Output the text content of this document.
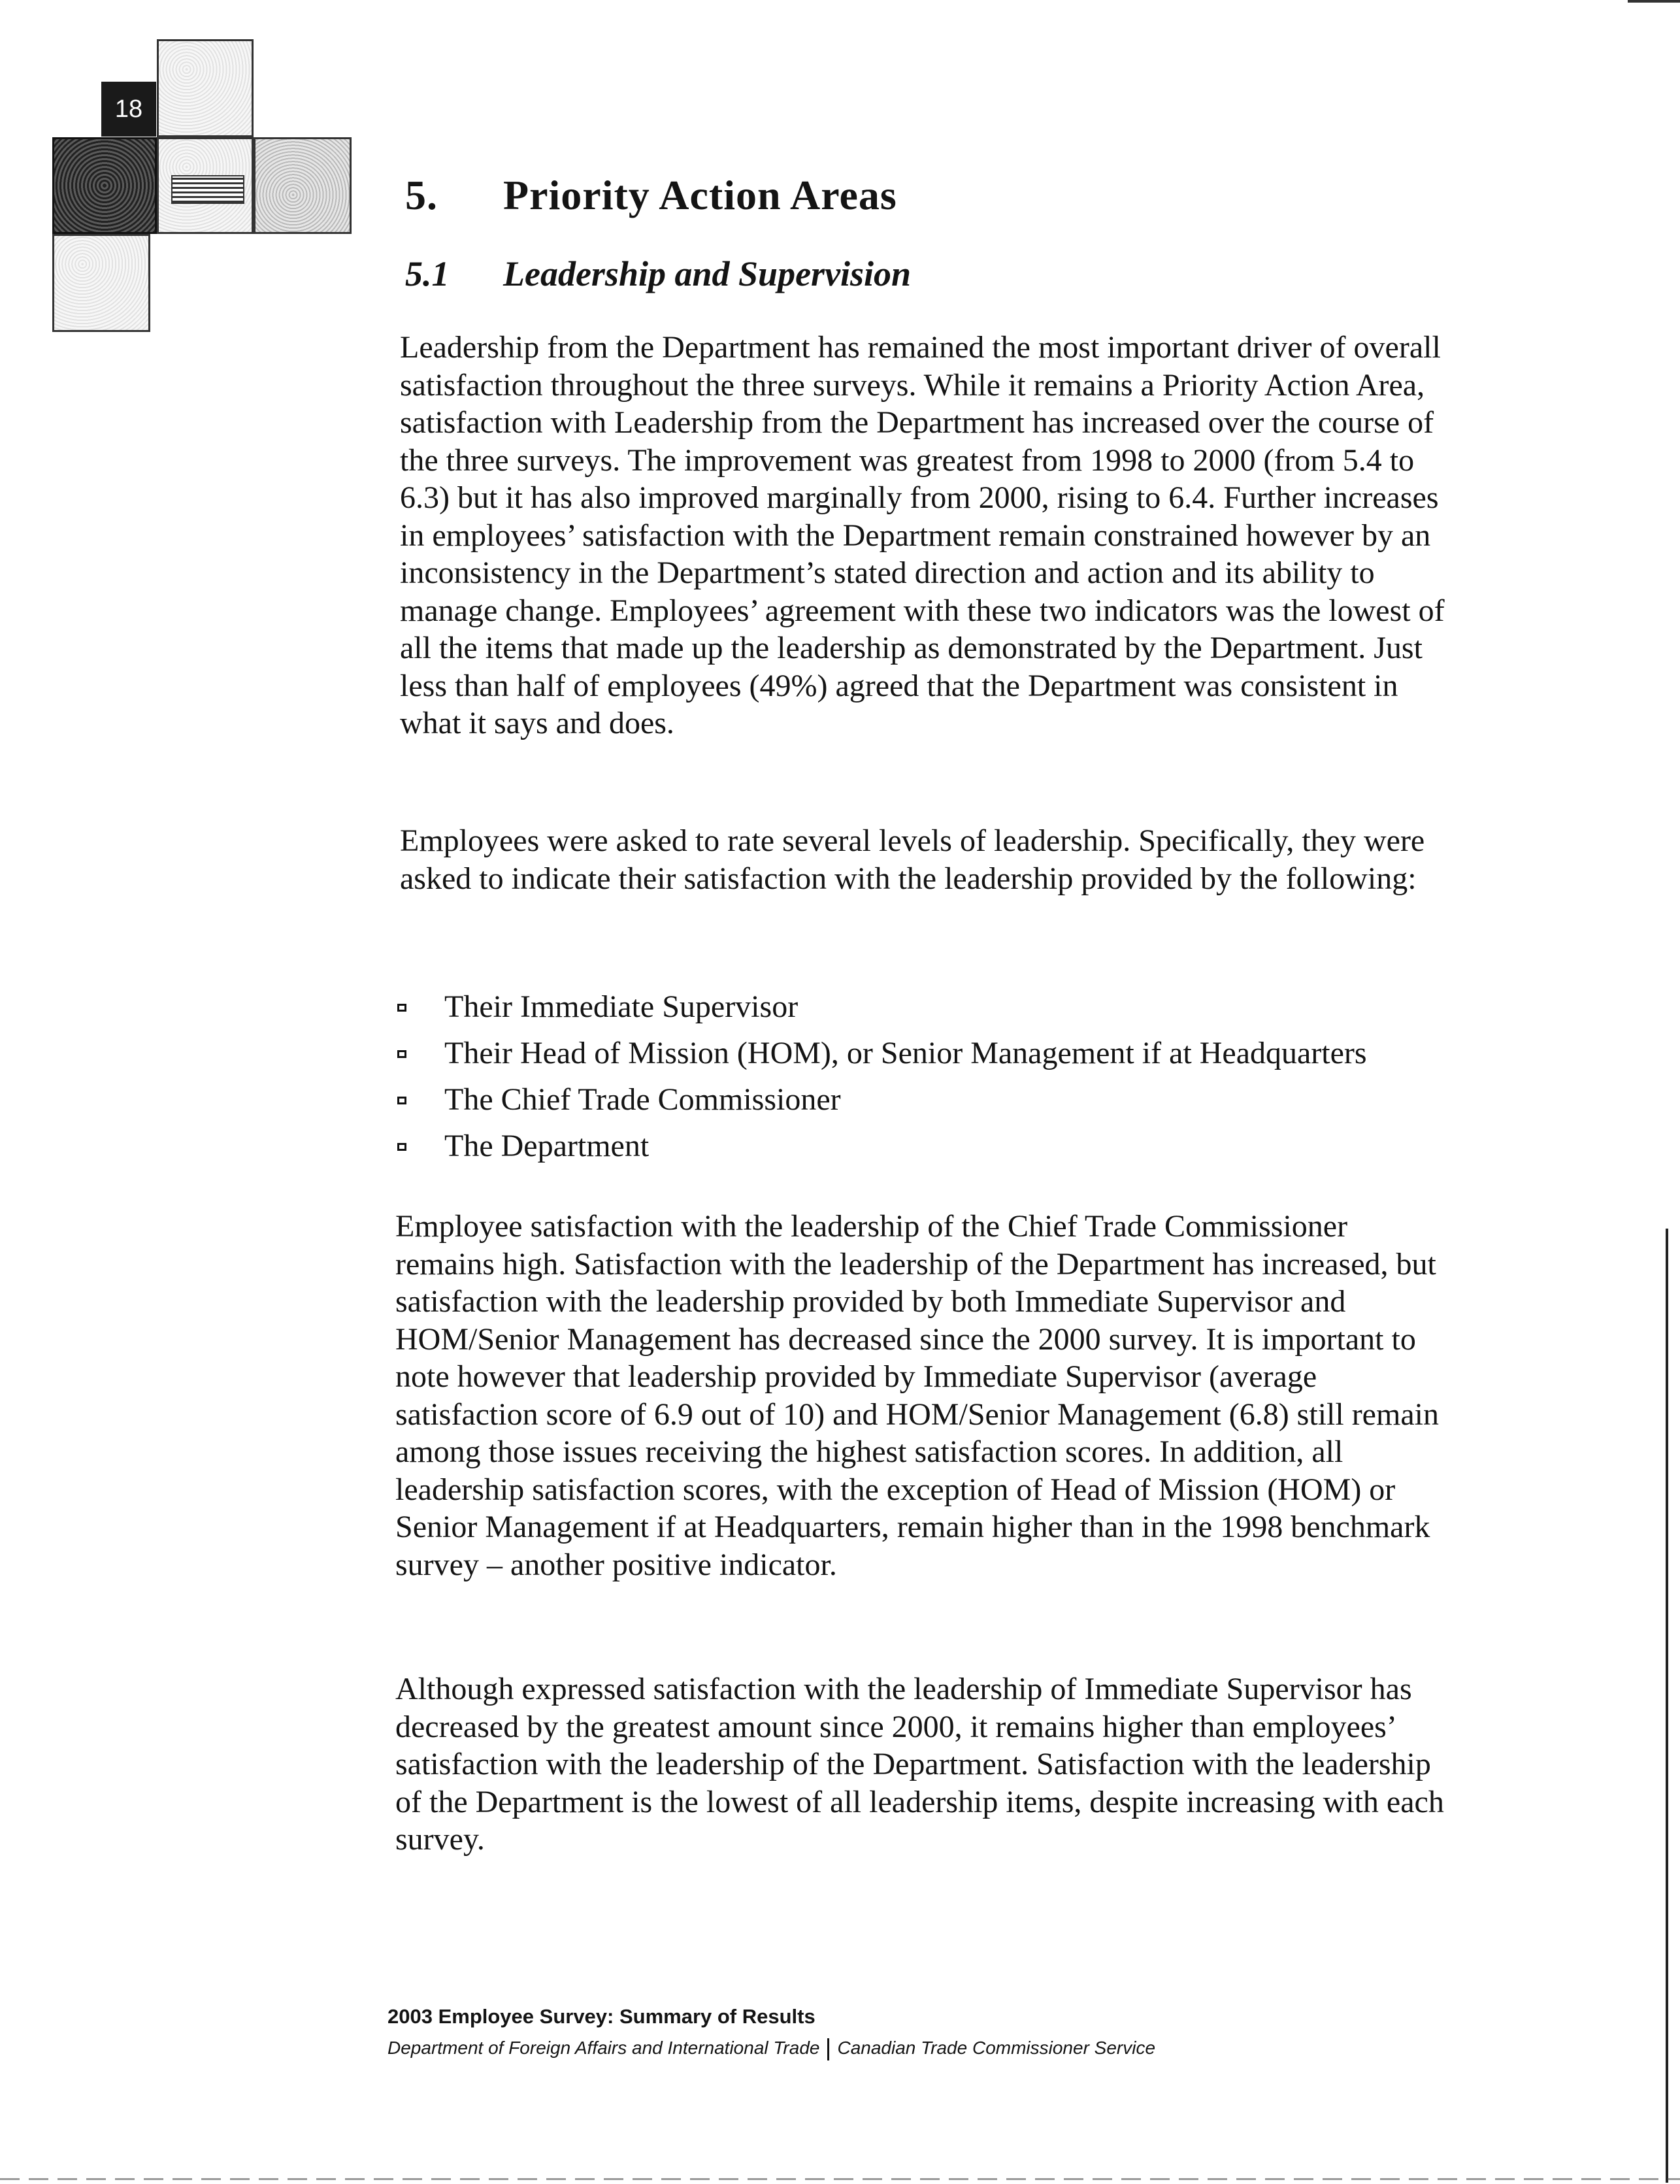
18
5. Priority Action Areas
5.1 Leadership and Supervision

Leadership from the Department has remained the most important driver of overall satisfaction throughout the three surveys. While it remains a Priority Action Area, satisfaction with Leadership from the Department has increased over the course of the three surveys. The improvement was greatest from 1998 to 2000 (from 5.4 to 6.3) but it has also improved marginally from 2000, rising to 6.4. Further increases in employees’ satisfaction with the Department remain constrained however by an inconsistency in the Department’s stated direction and action and its ability to manage change. Employees’ agreement with these two indicators was the lowest of all the items that made up the leadership as demonstrated by the Department. Just less than half of employees (49%) agreed that the Department was consistent in what it says and does.

Employees were asked to rate several levels of leadership. Specifically, they were asked to indicate their satisfaction with the leadership provided by the following:

Their Immediate Supervisor
Their Head of Mission (HOM), or Senior Management if at Headquarters
The Chief Trade Commissioner
The Department

Employee satisfaction with the leadership of the Chief Trade Commissioner remains high. Satisfaction with the leadership of the Department has increased, but satisfaction with the leadership provided by both Immediate Supervisor and HOM/Senior Management has decreased since the 2000 survey. It is important to note however that leadership provided by Immediate Supervisor (average satisfaction score of 6.9 out of 10) and HOM/Senior Management (6.8) still remain among those issues receiving the highest satisfaction scores. In addition, all leadership satisfaction scores, with the exception of Head of Mission (HOM) or Senior Management if at Headquarters, remain higher than in the 1998 benchmark survey – another positive indicator.

Although expressed satisfaction with the leadership of Immediate Supervisor has decreased by the greatest amount since 2000, it remains higher than employees’ satisfaction with the leadership of the Department. Satisfaction with the leadership of the Department is the lowest of all leadership items, despite increasing with each survey.

2003 Employee Survey: Summary of Results
Department of Foreign Affairs and International Trade Canadian Trade Commissioner Service
